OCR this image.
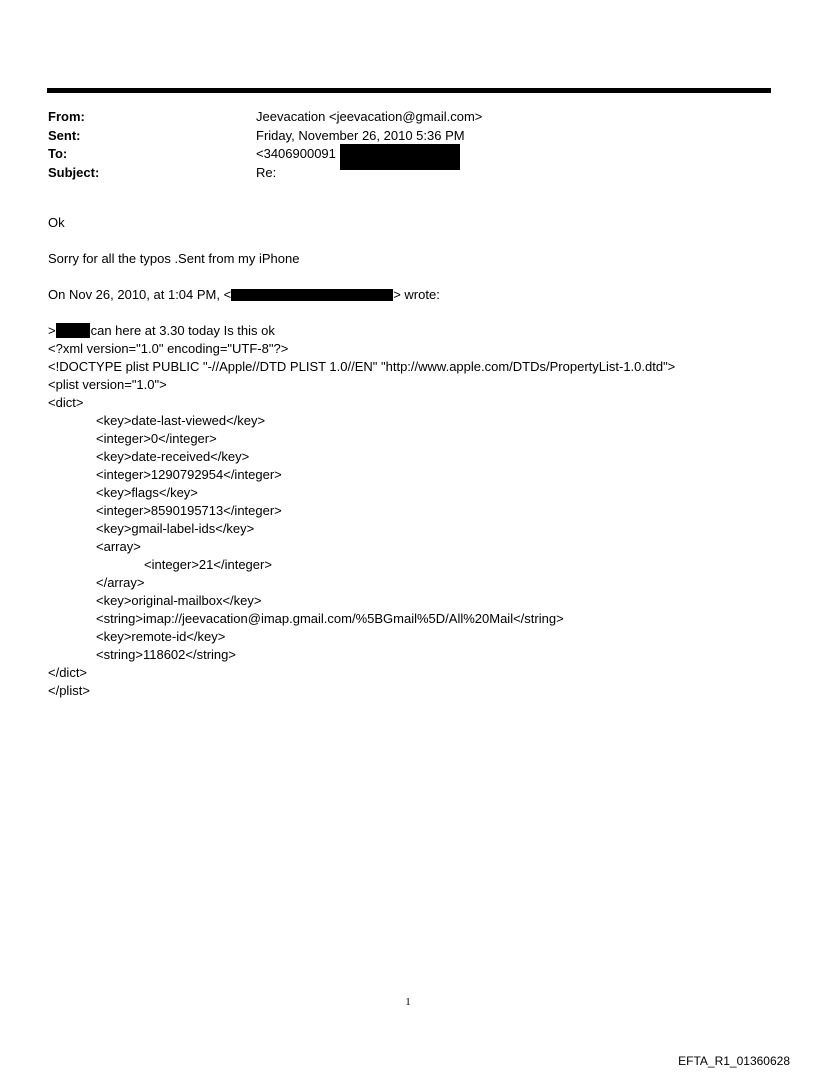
From:	Jeevacation <jeevacation@gmail.com>
Sent:	Friday, November 26, 2010 5:36 PM
To:	<3406900091
Subject:	Re:
Ok
Sorry for all the typos .Sent from my iPhone
On Nov 26, 2010, at 1:04 PM, <	> wrote:
>	can here at 3.30 today Is this ok
<?xml version="1.0" encoding="UTF-8"?>
<!DOCTYPE plist PUBLIC "-//Apple//DTD PLIST 1.0//EN" "http://www.apple.com/DTDs/PropertyList-1.0.dtd">
<plist version="1.0">
<dict>
<key>date-last-viewed</key>
<integer>0</integer>
<key>date-received</key>
<integer>1290792954</integer>
<key>flags</key>
<integer>8590195713</integer>
<key>gmail-label-ids</key>
<array>
<integer>21</integer>
</array>
<key>original-mailbox</key>
<string>imap://jeevacation@imap.gmail.com/%5BGmail%5D/All%20Mail</string>
<key>remote-id</key>
<string>118602</string>
</dict>
</plist>
1
EFTA_R1_01360628
